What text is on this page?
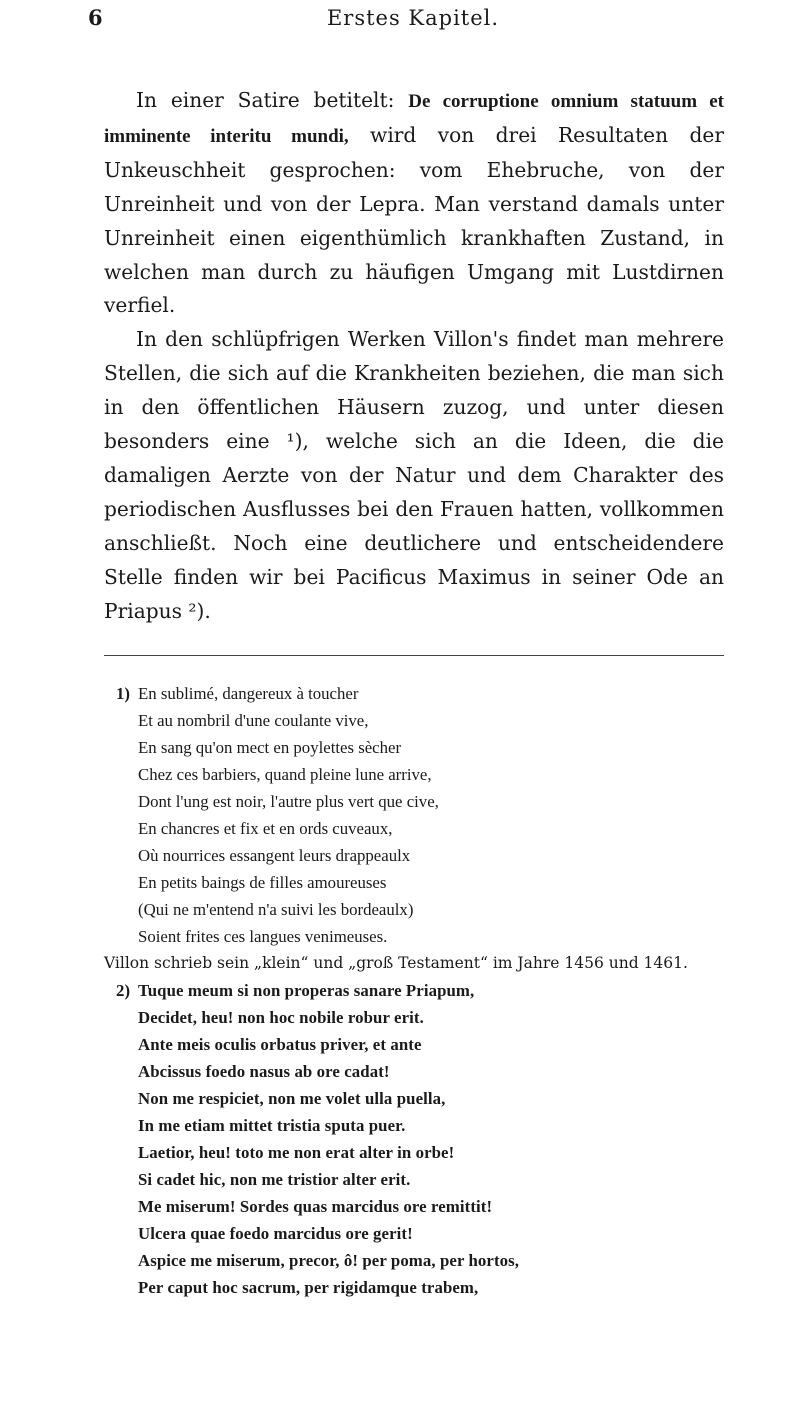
6	Erstes Kapitel.

In einer Satire betitelt: De corruptione omnium statuum et imminente interitu mundi, wird von drei Resultaten der Unkeuschheit gesprochen: vom Ehebruche, von der Unreinheit und von der Lepra. Man verstand damals unter Unreinheit einen eigenthümlich krankhaften Zustand, in welchen man durch zu häufigen Umgang mit Lustdirnen verfiel.

In den schlüpfrigen Werken Villon's findet man mehrere Stellen, die sich auf die Krankheiten beziehen, die man sich in den öffentlichen Häusern zuzog, und unter diesen besonders eine ¹), welche sich an die Ideen, die die damaligen Aerzte von der Natur und dem Charakter des periodischen Ausflusses bei den Frauen hatten, vollkommen anschließt. Noch eine deutlichere und entscheidendere Stelle finden wir bei Pacificus Maximus in seiner Ode an Priapus ²).

1) En sublimé, dangereux à toucher
Et au nombril d'une coulante vive,
En sang qu'on mect en poylettes sècher
Chez ces barbiers, quand pleine lune arrive,
Dont l'ung est noir, l'autre plus vert que cive,
En chancres et fix et en ords cuveaux,
Où nourrices essangent leurs drappeaulx
En petits baings de filles amoureuses
(Qui ne m'entend n'a suivi les bordeaulx)
Soient frites ces langues venimeuses.
Villon schrieb sein „klein“ und „groß Testament“ im Jahre 1456 und 1461.
2) Tuque meum si non properas sanare Priapum,
Decidet, heu! non hoc nobile robur erit.
Ante meis oculis orbatus priver, et ante
Abcissus foedo nasus ab ore cadat!
Non me respiciet, non me volet ulla puella,
In me etiam mittet tristia sputa puer.
Laetior, heu! toto me non erat alter in orbe!
Si cadet hic, non me tristior alter erit.
Me miserum! Sordes quas marcidus ore remittit!
Ulcera quae foedo marcidus ore gerit!
Aspice me miserum, precor, ô! per poma, per hortos,
Per caput hoc sacrum, per rigidamque trabem,
